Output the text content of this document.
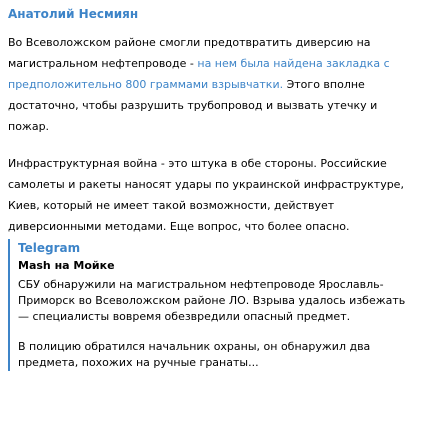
Анатолий Несмиян

Во Всеволожском районе смогли предотвратить диверсию на магистральном нефтепроводе - на нем была найдена закладка с предположительно 800 граммами взрывчатки. Этого вполне достаточно, чтобы разрушить трубопровод и вызвать утечку и пожар.

Инфраструктурная война - это штука в обе стороны. Российские самолеты и ракеты наносят удары по украинской инфраструктуре, Киев, который не имеет такой возможности, действует диверсионными методами. Еще вопрос, что более опасно.

Telegram
Mash на Мойке

СБУ обнаружили на магистральном нефтепроводе Ярославль-Приморск во Всеволожском районе ЛО. Взрыва удалось избежать — специалисты вовремя обезвредили опасный предмет.

В полицию обратился начальник охраны, он обнаружил два предмета, похожих на ручные гранаты...
